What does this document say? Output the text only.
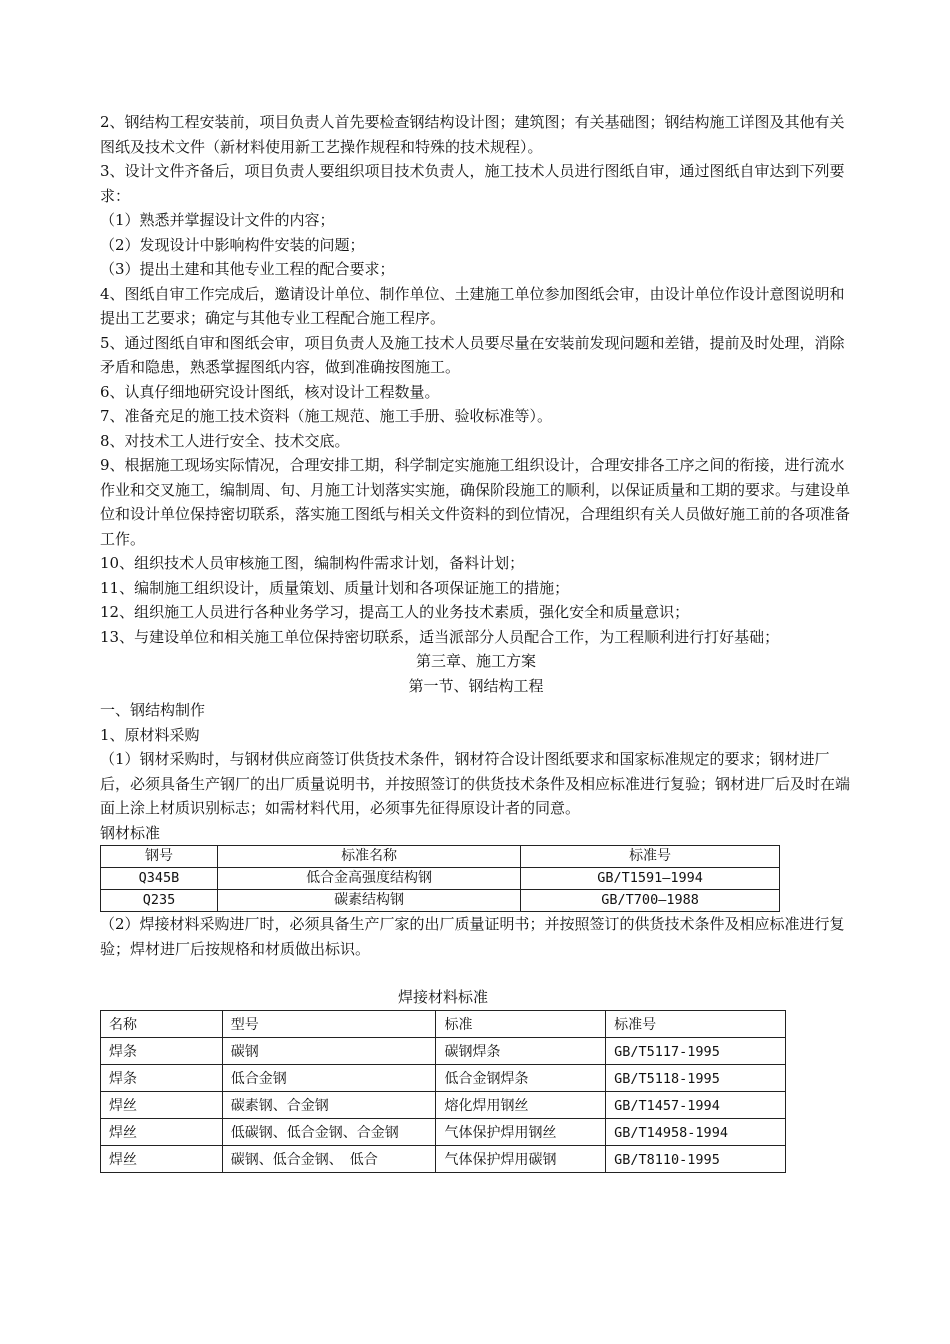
2、钢结构工程安装前，项目负责人首先要检查钢结构设计图；建筑图；有关基础图；钢结构施工详图及其他有关图纸及技术文件（新材料使用新工艺操作规程和特殊的技术规程）。

3、设计文件齐备后，项目负责人要组织项目技术负责人，施工技术人员进行图纸自审，通过图纸自审达到下列要求：

（1）熟悉并掌握设计文件的内容；

（2）发现设计中影响构件安装的问题；

（3）提出土建和其他专业工程的配合要求；

4、图纸自审工作完成后，邀请设计单位、制作单位、土建施工单位参加图纸会审，由设计单位作设计意图说明和提出工艺要求；确定与其他专业工程配合施工程序。

5、通过图纸自审和图纸会审，项目负责人及施工技术人员要尽量在安装前发现问题和差错，提前及时处理，消除矛盾和隐患，熟悉掌握图纸内容，做到准确按图施工。

6、认真仔细地研究设计图纸，核对设计工程数量。

7、准备充足的施工技术资料（施工规范、施工手册、验收标准等）。

8、对技术工人进行安全、技术交底。

9、根据施工现场实际情况，合理安排工期，科学制定实施施工组织设计，合理安排各工序之间的衔接，进行流水作业和交叉施工，编制周、旬、月施工计划落实实施，确保阶段施工的顺利，以保证质量和工期的要求。与建设单位和设计单位保持密切联系，落实施工图纸与相关文件资料的到位情况，合理组织有关人员做好施工前的各项准备工作。

10、组织技术人员审核施工图，编制构件需求计划，备料计划；

11、编制施工组织设计，质量策划、质量计划和各项保证施工的措施；

12、组织施工人员进行各种业务学习，提高工人的业务技术素质，强化安全和质量意识；

13、与建设单位和相关施工单位保持密切联系，适当派部分人员配合工作，为工程顺利进行打好基础；

第三章、施工方案

第一节、钢结构工程

一、钢结构制作

1、原材料采购

（1）钢材采购时，与钢材供应商签订供货技术条件，钢材符合设计图纸要求和国家标准规定的要求；钢材进厂后，必须具备生产钢厂的出厂质量说明书，并按照签订的供货技术条件及相应标准进行复验；钢材进厂后及时在端面上涂上材质识别标志；如需材料代用，必须事先征得原设计者的同意。

钢材标准

钢号	标准名称	标准号
Q345B	低合金高强度结构钢	GB/T1591—1994
Q235	碳素结构钢	GB/T700—1988

（2）焊接材料采购进厂时，必须具备生产厂家的出厂质量证明书；并按照签订的供货技术条件及相应标准进行复验；焊材进厂后按规格和材质做出标识。

焊接材料标准

名称	型号	标准	标准号
焊条	碳钢	碳钢焊条	GB/T5117-1995
焊条	低合金钢	低合金钢焊条	GB/T5118-1995
焊丝	碳素钢、合金钢	熔化焊用钢丝	GB/T1457-1994
焊丝	低碳钢、低合金钢、合金钢	气体保护焊用钢丝	GB/T14958-1994
焊丝	碳钢、低合金钢、　低合	气体保护焊用碳钢	GB/T8110-1995
